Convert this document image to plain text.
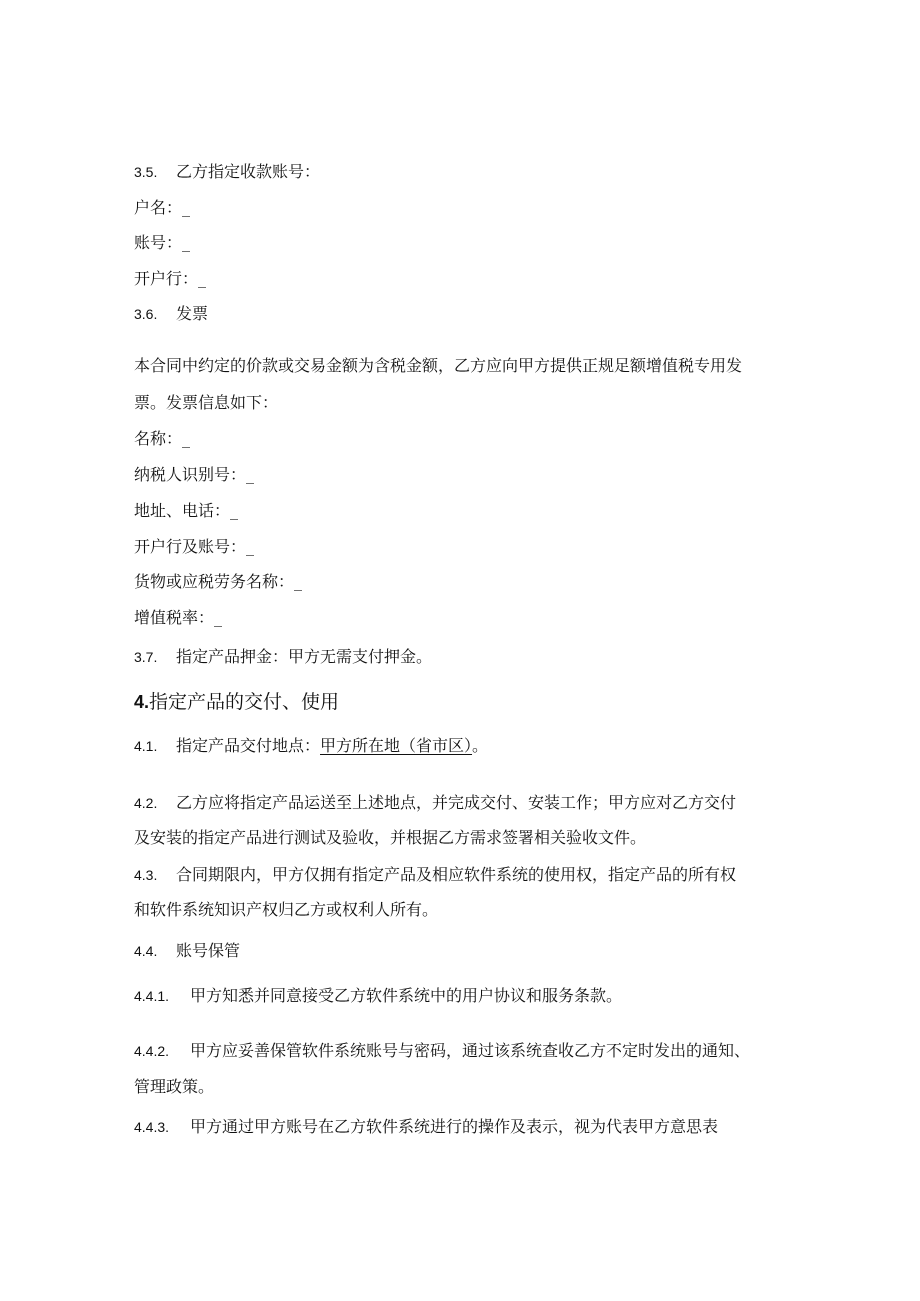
3.5. 乙方指定收款账号：
户名：_
账号：_
开户行：_
3.6. 发票
本合同中约定的价款或交易金额为含税金额，乙方应向甲方提供正规足额增值税专用发
票。发票信息如下：
名称：_
纳税人识别号：_
地址、电话：_
开户行及账号：_
货物或应税劳务名称：_
增值税率：_
3.7. 指定产品押金：甲方无需支付押金。
4.指定产品的交付、使用
4.1. 指定产品交付地点：甲方所在地（省市区）。
4.2. 乙方应将指定产品运送至上述地点，并完成交付、安装工作；甲方应对乙方交付
及安装的指定产品进行测试及验收，并根据乙方需求签署相关验收文件。
4.3. 合同期限内，甲方仅拥有指定产品及相应软件系统的使用权，指定产品的所有权
和软件系统知识产权归乙方或权利人所有。
4.4. 账号保管
4.4.1. 甲方知悉并同意接受乙方软件系统中的用户协议和服务条款。
4.4.2. 甲方应妥善保管软件系统账号与密码，通过该系统查收乙方不定时发出的通知、
管理政策。
4.4.3. 甲方通过甲方账号在乙方软件系统进行的操作及表示，视为代表甲方意思表
